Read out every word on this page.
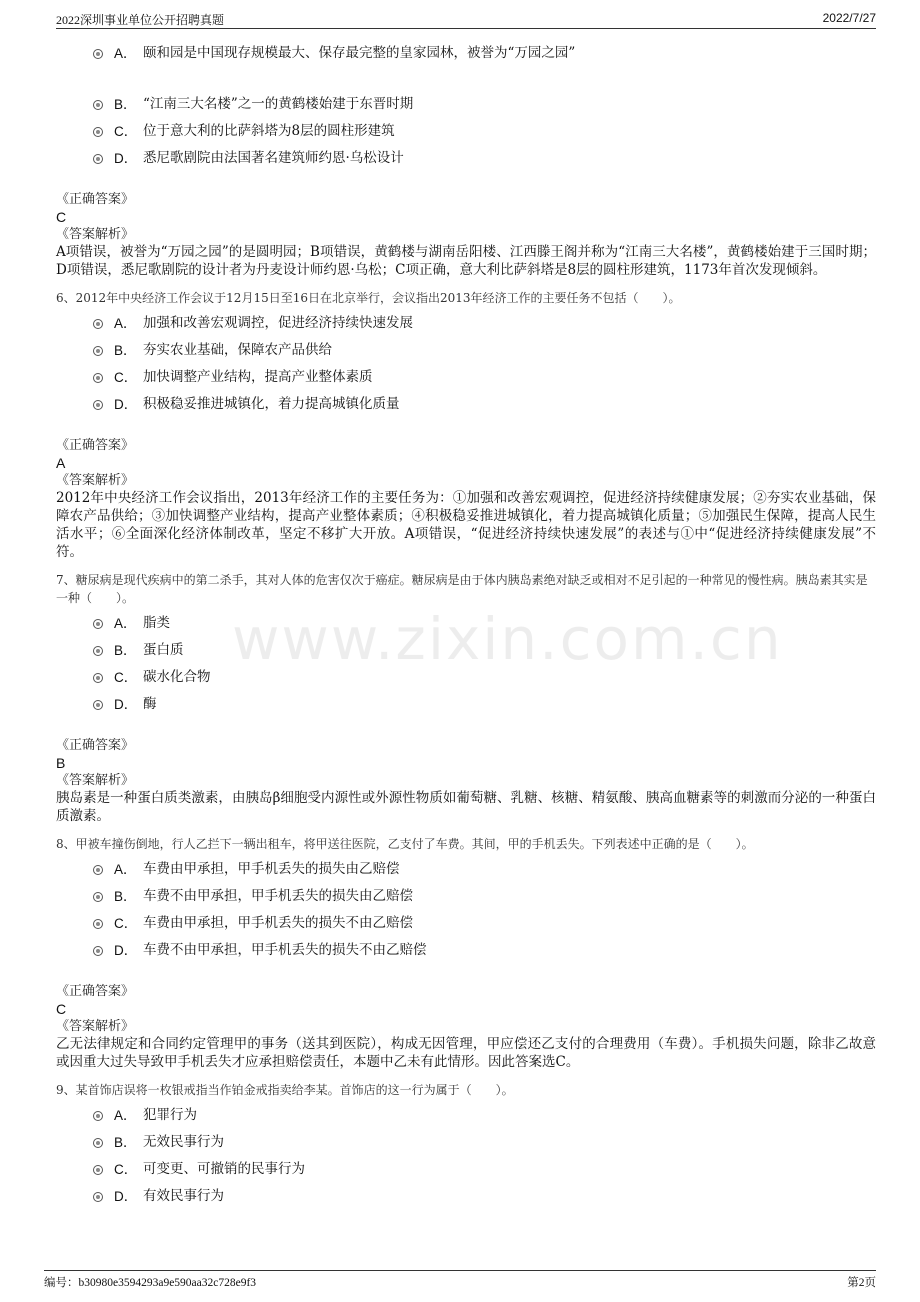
2022深圳事业单位公开招聘真题	2022/7/27
www.zixin.com.cn
A． 颐和园是中国现存规模最大、保存最完整的皇家园林，被誉为“万园之园”
B． “江南三大名楼”之一的黄鹤楼始建于东晋时期
C． 位于意大利的比萨斜塔为8层的圆柱形建筑
D． 悉尼歌剧院由法国著名建筑师约恩·乌松设计
《正确答案》
C
《答案解析》
A项错误，被誉为“万园之园”的是圆明园；B项错误，黄鹤楼与湖南岳阳楼、江西滕王阁并称为“江南三大名楼”，黄鹤楼始建于三国时期；D项错误，悉尼歌剧院的设计者为丹麦设计师约恩·乌松；C项正确，意大利比萨斜塔是8层的圆柱形建筑，1173年首次发现倾斜。
6、2012年中央经济工作会议于12月15日至16日在北京举行，会议指出2013年经济工作的主要任务不包括（　　）。
A． 加强和改善宏观调控，促进经济持续快速发展
B． 夯实农业基础，保障农产品供给
C． 加快调整产业结构，提高产业整体素质
D． 积极稳妥推进城镇化，着力提高城镇化质量
《正确答案》
A
《答案解析》
2012年中央经济工作会议指出，2013年经济工作的主要任务为：①加强和改善宏观调控，促进经济持续健康发展；②夯实农业基础，保障农产品供给；③加快调整产业结构，提高产业整体素质；④积极稳妥推进城镇化，着力提高城镇化质量；⑤加强民生保障，提高人民生活水平；⑥全面深化经济体制改革，坚定不移扩大开放。A项错误，“促进经济持续快速发展”的表述与①中“促进经济持续健康发展”不符。
7、糖尿病是现代疾病中的第二杀手，其对人体的危害仅次于癌症。糖尿病是由于体内胰岛素绝对缺乏或相对不足引起的一种常见的慢性病。胰岛素其实是一种（　　）。
A． 脂类
B． 蛋白质
C． 碳水化合物
D． 酶
《正确答案》
B
《答案解析》
胰岛素是一种蛋白质类激素，由胰岛β细胞受内源性或外源性物质如葡萄糖、乳糖、核糖、精氨酸、胰高血糖素等的刺激而分泌的一种蛋白质激素。
8、甲被车撞伤倒地，行人乙拦下一辆出租车，将甲送往医院，乙支付了车费。其间，甲的手机丢失。下列表述中正确的是（　　）。
A． 车费由甲承担，甲手机丢失的损失由乙赔偿
B． 车费不由甲承担，甲手机丢失的损失由乙赔偿
C． 车费由甲承担，甲手机丢失的损失不由乙赔偿
D． 车费不由甲承担，甲手机丢失的损失不由乙赔偿
《正确答案》
C
《答案解析》
乙无法律规定和合同约定管理甲的事务（送其到医院），构成无因管理，甲应偿还乙支付的合理费用（车费）。手机损失问题，除非乙故意或因重大过失导致甲手机丢失才应承担赔偿责任，本题中乙未有此情形。因此答案选C。
9、某首饰店误将一枚银戒指当作铂金戒指卖给李某。首饰店的这一行为属于（　　）。
A． 犯罪行为
B． 无效民事行为
C． 可变更、可撤销的民事行为
D． 有效民事行为
编号：b30980e3594293a9e590aa32c728e9f3	第2页
